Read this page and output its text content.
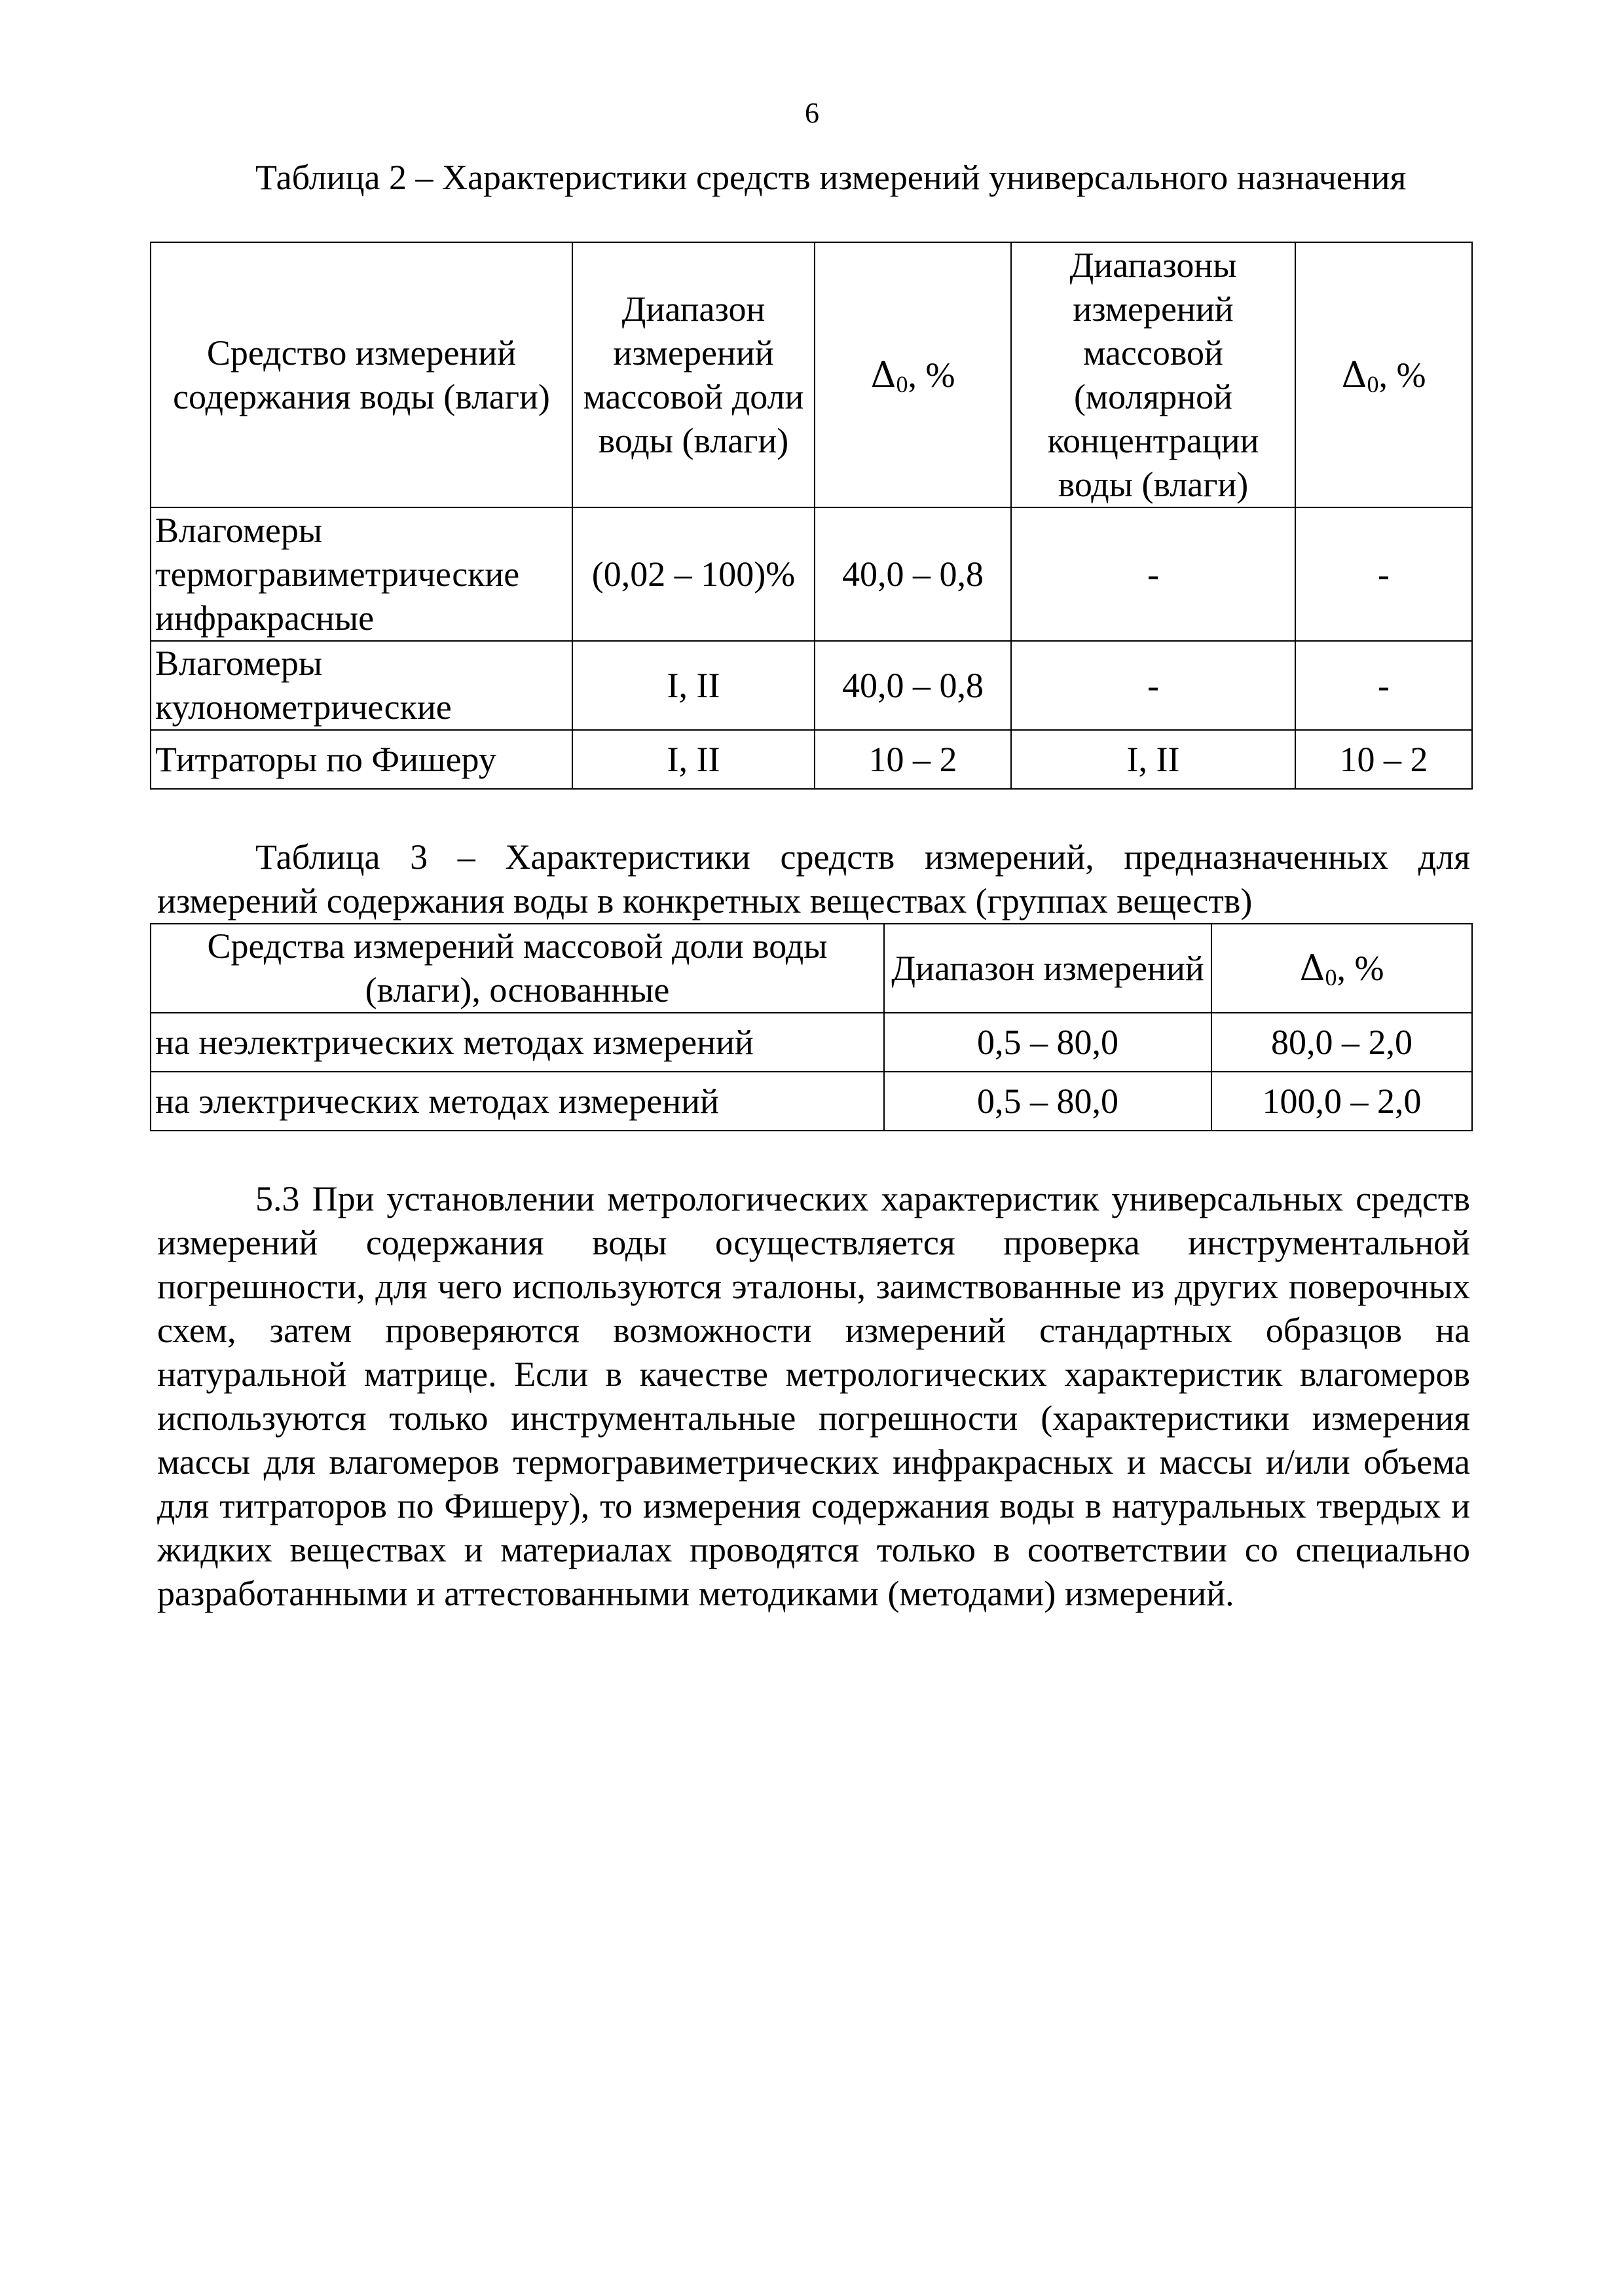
6
Таблица 2 – Характеристики средств измерений универсального назначения
Средство измерений содержания воды (влаги)	Диапазон измерений массовой доли воды (влаги)	$\Delta_0$, %	Диапазоны измерений массовой (молярной концентрации воды (влаги)	$\Delta_0$, %
Влагомеры термогравиметрические инфракрасные	(0,02 – 100)%	40,0 – 0,8	-	-
Влагомеры кулонометрические	I, II	40,0 – 0,8	-	-
Титраторы по Фишеру	I, II	10 – 2	I, II	10 – 2
Таблица 3 – Характеристики средств измерений, предназначенных для измерений содержания воды в конкретных веществах (группах веществ)
Средства измерений массовой доли воды (влаги), основанные	Диапазон измерений	$\Delta_0$, %
на неэлектрических методах измерений	0,5 – 80,0	80,0 – 2,0
на электрических методах измерений	0,5 – 80,0	100,0 – 2,0
5.3 При установлении метрологических характеристик универсальных средств измерений содержания воды осуществляется проверка инструментальной погрешности, для чего используются эталоны, заимствованные из других поверочных схем, затем проверяются возможности измерений стандартных образцов на натуральной матрице. Если в качестве метрологических характеристик влагомеров используются только инструментальные погрешности (характеристики измерения массы для влагомеров термогравиметрических инфракрасных и массы и/или объема для титраторов по Фишеру), то измерения содержания воды в натуральных твердых и жидких веществах и материалах проводятся только в соответствии со специально разработанными и аттестованными методиками (методами) измерений.
